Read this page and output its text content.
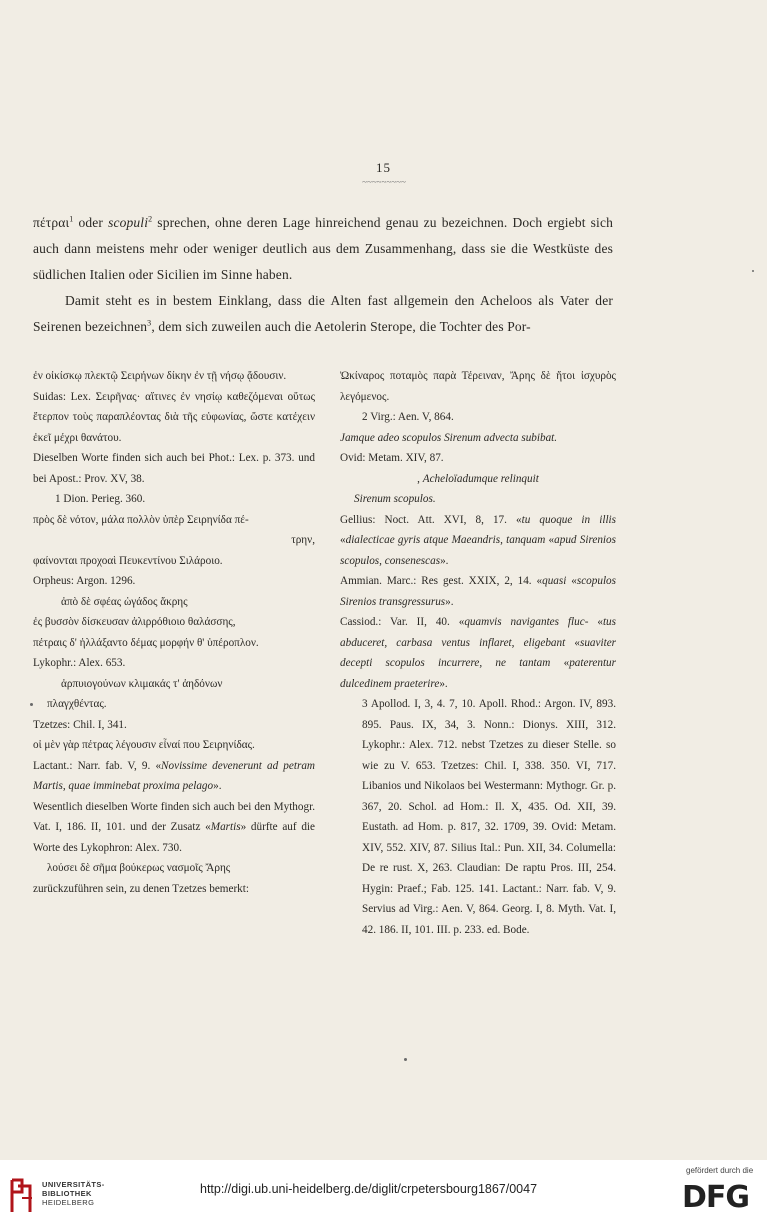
15
~~~~~~~~~

πέτραι$^1$ oder scopuli$^2$ sprechen, ohne deren Lage hinreichend genau zu bezeichnen. Doch ergiebt sich auch dann meistens mehr oder weniger deutlich aus dem Zusammenhang, dass sie die Westküste des südlichen Italien oder Sicilien im Sinne haben.

Damit steht es in bestem Einklang, dass die Alten fast allgemein den Acheloos als Vater der Seirenen bezeichnen$^3$, dem sich zuweilen auch die Aetolerin Sterope, die Tochter des Por-

ἐν οἰκίσκῳ πλεκτῷ Σειρήνων δίκην ἐν τῇ νήσῳ ᾄδουσιν.

Suidas: Lex. Σειρῆνας· αἵτινες ἐν νησίῳ καθεζόμεναι οὕτως ἔτερπον τοὺς παραπλέοντας διὰ τῆς εὐφωνίας, ὥστε κατέχειν ἐκεῖ μέχρι θανάτου.

Dieselben Worte finden sich auch bei Phot.: Lex. p. 373. und bei Apost.: Prov. XV, 38.

1 Dion. Perieg. 360.

πρὸς δὲ νότον, μάλα πολλὸν ὑπὲρ Σειρηνίδα πέ-

τρην,

φαίνονται προχοαὶ Πευκεντίνου Σιλάροιο.

Orpheus: Argon. 1296.

ἀπὸ δὲ σφέας ὠγάδος ἄκρης

ἐς βυσσὸν δίσκευσαν ἁλιρρόθιοιο θαλάσσης,

πέτραις δ' ἠλλάξαντο δέμας μορφήν θ' ὑπέροπλον.

Lykophr.: Alex. 653.

ἀρπυιογούνων κλιμακάς τ' ἀηδόνων

πλαγχθέντας.

Tzetzes: Chil. I, 341.

οἱ μὲν γὰρ πέτρας λέγουσιν εἶναί που Σειρηνίδας.

Lactant.: Narr. fab. V, 9. «Novissime devenerunt ad petram Martis, quae imminebat proxima pelago».

Wesentlich dieselben Worte finden sich auch bei den Mythogr. Vat. I, 186. II, 101. und der Zusatz «Martis» dürfte auf die Worte des Lykophron: Alex. 730.

λούσει δὲ σῆμα βούκερως νασμοῖς Ἄρης

zurückzuführen sein, zu denen Tzetzes bemerkt:

Ὠκίναρος ποταμὸς παρὰ Τέρειναν, Ἄρης δὲ ἤτοι ἰσχυρὸς λεγόμενος.

2 Virg.: Aen. V, 864.

Jamque adeo scopulos Sirenum advecta subibat.

Ovid: Metam. XIV, 87.

, Acheloïadumque relinquit

Sirenum scopulos.

Gellius: Noct. Att. XVI, 8, 17. «tu quoque in illis «dialecticae gyris atque Maeandris, tanquam «apud Sirenios scopulos, consenescas».

Ammian. Marc.: Res gest. XXIX, 2, 14. «quasi «scopulos Sirenios transgressurus».

Cassiod.: Var. II, 40. «quamvis navigantes fluc- «tus abduceret, carbasa ventus inflaret, eligebant «suaviter decepti scopulos incurrere, ne tantam «paterentur dulcedinem praeterire».

3 Apollod. I, 3, 4. 7, 10. Apoll. Rhod.: Argon. IV, 893. 895. Paus. IX, 34, 3. Nonn.: Dionys. XIII, 312. Lykophr.: Alex. 712. nebst Tzetzes zu dieser Stelle. so wie zu V. 653. Tzetzes: Chil. I, 338. 350. VI, 717. Libanios und Nikolaos bei Westermann: Mythogr. Gr. p. 367, 20. Schol. ad Hom.: Il. X, 435. Od. XII, 39. Eustath. ad Hom. p. 817, 32. 1709, 39. Ovid: Metam. XIV, 552. XIV, 87. Silius Ital.: Pun. XII, 34. Columella: De re rust. X, 263. Claudian: De raptu Pros. III, 254. Hygin: Praef.; Fab. 125. 141. Lactant.: Narr. fab. V, 9. Servius ad Virg.: Aen. V, 864. Georg. I, 8. Myth. Vat. I, 42. 186. II, 101. III. p. 233. ed. Bode.

UNIVERSITÄTS-
BIBLIOTHEK
HEIDELBERG
http://digi.ub.uni-heidelberg.de/diglit/crpetersbourg1867/0047
gefördert durch die
DFG
